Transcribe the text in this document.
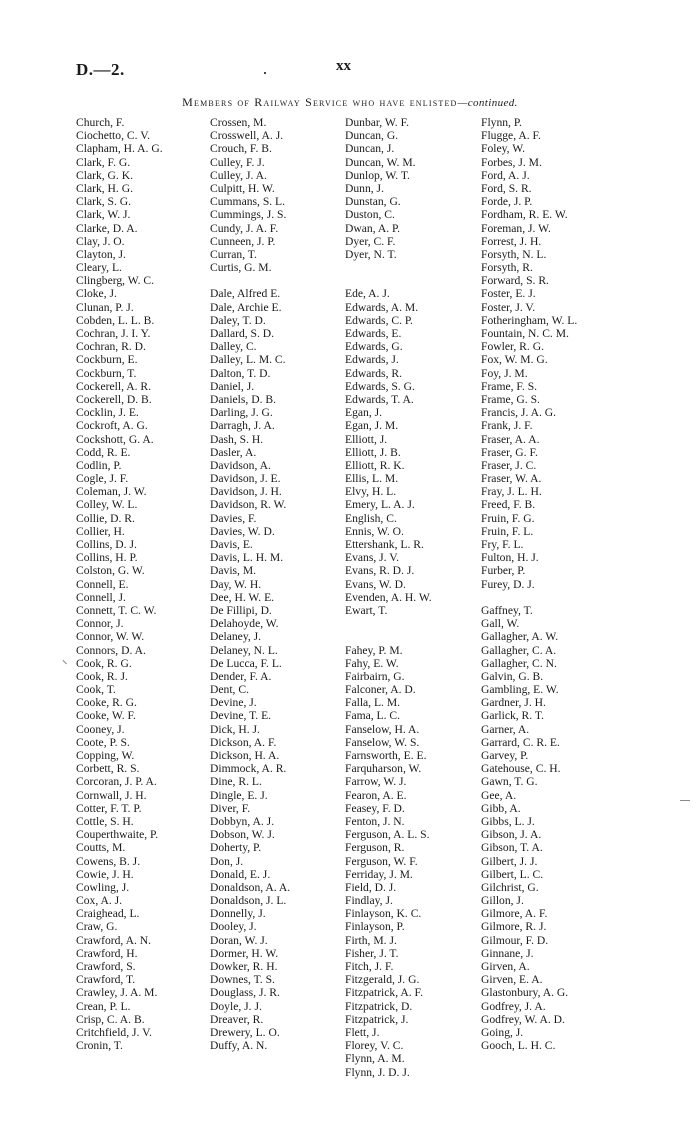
D.—2.	xx
Members of Railway Service who have enlisted—continued.
Church, F.
Ciochetto, C. V.
Clapham, H. A. G.
Clark, F. G.
Clark, G. K.
Clark, H. G.
Clark, S. G.
Clark, W. J.
Clarke, D. A.
Clay, J. O.
Clayton, J.
Cleary, L.
Clingberg, W. C.
Cloke, J.
Clunan, P. J.
Cobden, L. L. B.
Cochran, J. I. Y.
Cochran, R. D.
Cockburn, E.
Cockburn, T.
Cockerell, A. R.
Cockerell, D. B.
Cocklin, J. E.
Cockroft, A. G.
Cockshott, G. A.
Codd, R. E.
Codlin, P.
Cogle, J. F.
Coleman, J. W.
Colley, W. L.
Collie, D. R.
Collier, H.
Collins, D. J.
Collins, H. P.
Colston, G. W.
Connell, E.
Connell, J.
Connett, T. C. W.
Connor, J.
Connor, W. W.
Connors, D. A.
Cook, R. G.
Cook, R. J.
Cook, T.
Cooke, R. G.
Cooke, W. F.
Cooney, J.
Coote, P. S.
Copping, W.
Corbett, R. S.
Corcoran, J. P. A.
Cornwall, J. H.
Cotter, F. T. P.
Cottle, S. H.
Couperthwaite, P.
Coutts, M.
Cowens, B. J.
Cowie, J. H.
Cowling, J.
Cox, A. J.
Craighead, L.
Craw, G.
Crawford, A. N.
Crawford, H.
Crawford, S.
Crawford, T.
Crawley, J. A. M.
Crean, P. L.
Crisp, C. A. B.
Critchfield, J. V.
Cronin, T.
Crossen, M.
Crosswell, A. J.
Crouch, F. B.
Culley, F. J.
Culley, J. A.
Culpitt, H. W.
Cummans, S. L.
Cummings, J. S.
Cundy, J. A. F.
Cunneen, J. P.
Curran, T.
Curtis, G. M.
Dale, Alfred E.
Dale, Archie E.
Daley, T. D.
Dallard, S. D.
Dalley, C.
Dalley, L. M. C.
Dalton, T. D.
Daniel, J.
Daniels, D. B.
Darling, J. G.
Darragh, J. A.
Dash, S. H.
Dasler, A.
Davidson, A.
Davidson, J. E.
Davidson, J. H.
Davidson, R. W.
Davies, F.
Davies, W. D.
Davis, E.
Davis, L. H. M.
Davis, M.
Day, W. H.
Dee, H. W. E.
De Fillipi, D.
Delahoyde, W.
Delaney, J.
Delaney, N. L.
De Lucca, F. L.
Dender, F. A.
Dent, C.
Devine, J.
Devine, T. E.
Dick, H. J.
Dickson, A. F.
Dickson, H. A.
Dimmock, A. R.
Dine, R. L.
Dingle, E. J.
Diver, F.
Dobbyn, A. J.
Dobson, W. J.
Doherty, P.
Don, J.
Donald, E. J.
Donaldson, A. A.
Donaldson, J. L.
Donnelly, J.
Dooley, J.
Doran, W. J.
Dormer, H. W.
Dowker, R. H.
Downes, T. S.
Douglass, J. R.
Doyle, J. J.
Dreaver, R.
Drewery, L. O.
Duffy, A. N.
Dunbar, W. F.
Duncan, G.
Duncan, J.
Duncan, W. M.
Dunlop, W. T.
Dunn, J.
Dunstan, G.
Duston, C.
Dwan, A. P.
Dyer, C. F.
Dyer, N. T.
Ede, A. J.
Edwards, A. M.
Edwards, C. P.
Edwards, E.
Edwards, G.
Edwards, J.
Edwards, R.
Edwards, S. G.
Edwards, T. A.
Egan, J.
Egan, J. M.
Elliott, J.
Elliott, J. B.
Elliott, R. K.
Ellis, L. M.
Elvy, H. L.
Emery, L. A. J.
English, C.
Ennis, W. O.
Ettershank, L. R.
Evans, J. V.
Evans, R. D. J.
Evans, W. D.
Evenden, A. H. W.
Ewart, T.
Fahey, P. M.
Fahy, E. W.
Fairbairn, G.
Falconer, A. D.
Falla, L. M.
Fama, L. C.
Fanselow, H. A.
Fanselow, W. S.
Farnsworth, E. E.
Farquharson, W.
Farrow, W. J.
Fearon, A. E.
Feasey, F. D.
Fenton, J. N.
Ferguson, A. L. S.
Ferguson, R.
Ferguson, W. F.
Ferriday, J. M.
Field, D. J.
Findlay, J.
Finlayson, K. C.
Finlayson, P.
Firth, M. J.
Fisher, J. T.
Fitch, J. F.
Fitzgerald, J. G.
Fitzpatrick, A. F.
Fitzpatrick, D.
Fitzpatrick, J.
Flett, J.
Florey, V. C.
Flynn, A. M.
Flynn, J. D. J.
Flynn, P.
Flugge, A. F.
Foley, W.
Forbes, J. M.
Ford, A. J.
Ford, S. R.
Forde, J. P.
Fordham, R. E. W.
Foreman, J. W.
Forrest, J. H.
Forsyth, N. L.
Forsyth, R.
Forward, S. R.
Foster, E. J.
Foster, J. V.
Fotheringham, W. L.
Fountain, N. C. M.
Fowler, R. G.
Fox, W. M. G.
Foy, J. M.
Frame, F. S.
Frame, G. S.
Francis, J. A. G.
Frank, J. F.
Fraser, A. A.
Fraser, G. F.
Fraser, J. C.
Fraser, W. A.
Fray, J. L. H.
Freed, F. B.
Fruin, F. G.
Fruin, F. L.
Fry, F. L.
Fulton, H. J.
Furber, P.
Furey, D. J.
Gaffney, T.
Gall, W.
Gallagher, A. W.
Gallagher, C. A.
Gallagher, C. N.
Galvin, G. B.
Gambling, E. W.
Gardner, J. H.
Garlick, R. T.
Garner, A.
Garrard, C. R. E.
Garvey, P.
Gatehouse, C. H.
Gawn, T. G.
Gee, A.
Gibb, A.
Gibbs, L. J.
Gibson, J. A.
Gibson, T. A.
Gilbert, J. J.
Gilbert, L. C.
Gilchrist, G.
Gillon, J.
Gilmore, A. F.
Gilmore, R. J.
Gilmour, F. D.
Ginnane, J.
Girven, A.
Girven, E. A.
Glastonbury, A. G.
Godfrey, J. A.
Godfrey, W. A. D.
Going, J.
Gooch, L. H. C.
⸌
